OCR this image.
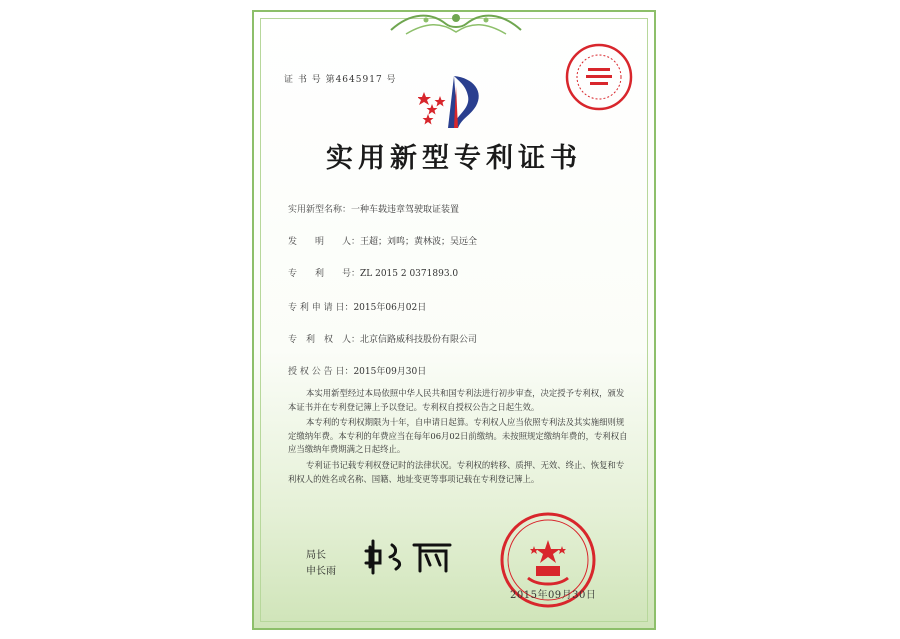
证 书 号 第4645917 号
实用新型专利证书
实用新型名称：一种车载违章驾驶取证装置
发　　明　　人：王超；刘鸣；黄林波；吴远全
专　　利　　号：ZL 2015 2 0371893.0
专 利 申 请 日：2015年06月02日
专　利　权　人：北京信路威科技股份有限公司
授 权 公 告 日：2015年09月30日

本实用新型经过本局依照中华人民共和国专利法进行初步审查，决定授予专利权，颁发本证书并在专利登记簿上予以登记。专利权自授权公告之日起生效。

本专利的专利权期限为十年，自申请日起算。专利权人应当依照专利法及其实施细则规定缴纳年费。本专利的年费应当在每年06月02日前缴纳。未按照规定缴纳年费的，专利权自应当缴纳年费期满之日起终止。

专利证书记载专利权登记时的法律状况。专利权的转移、质押、无效、终止、恢复和专利权人的姓名或名称、国籍、地址变更等事项记载在专利登记簿上。

局长
申长雨
2015年09月30日
